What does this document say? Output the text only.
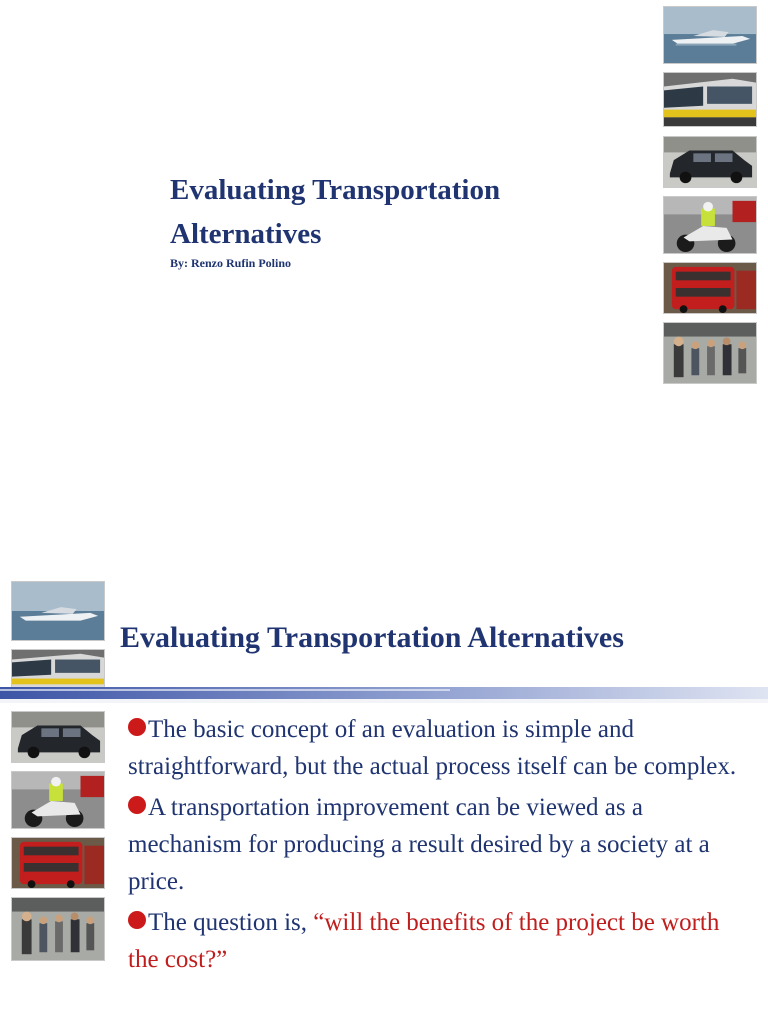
Evaluating Transportation Alternatives
By: Renzo Rufin Polino
Evaluating Transportation Alternatives
The basic concept of an evaluation is simple and straightforward, but the actual process itself can be complex.
A transportation improvement can be viewed as a mechanism for producing a result desired by a society at a price.
The question is, “will the benefits of the project be worth the cost?”
